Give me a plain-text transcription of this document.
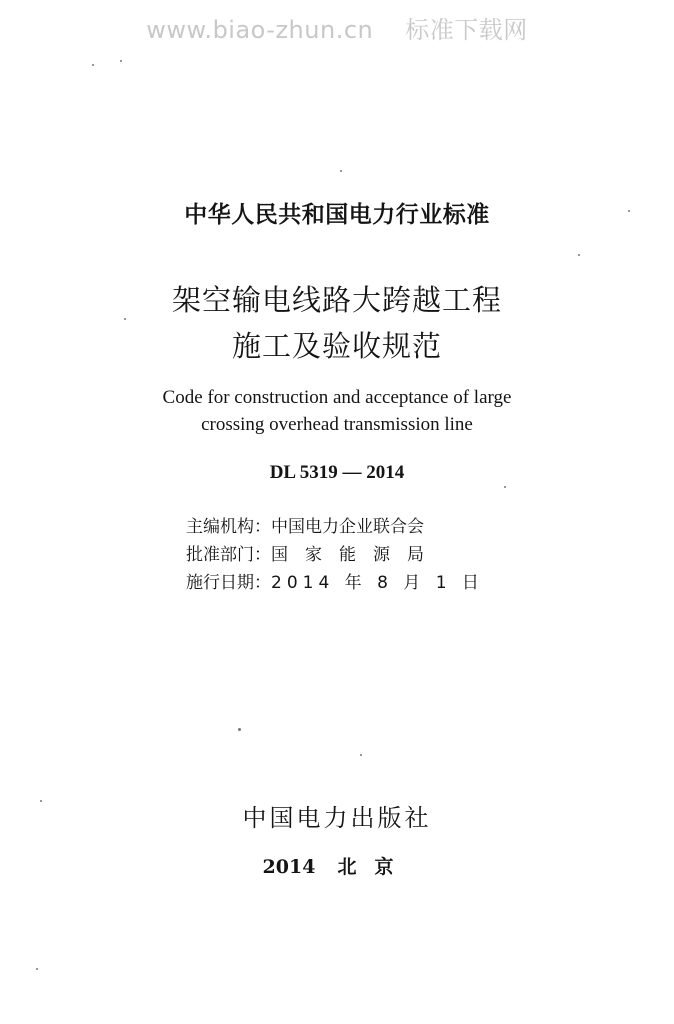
www.biao-zhun.cn 标准下载网
中华人民共和国电力行业标准
架空输电线路大跨越工程
施工及验收规范
Code for construction and acceptance of large
crossing overhead transmission line
DL 5319 — 2014
主编机构：中国电力企业联合会
批准部门：国家能源局
施行日期：2014 年 8 月 1 日
中国电力出版社
2014 北京
